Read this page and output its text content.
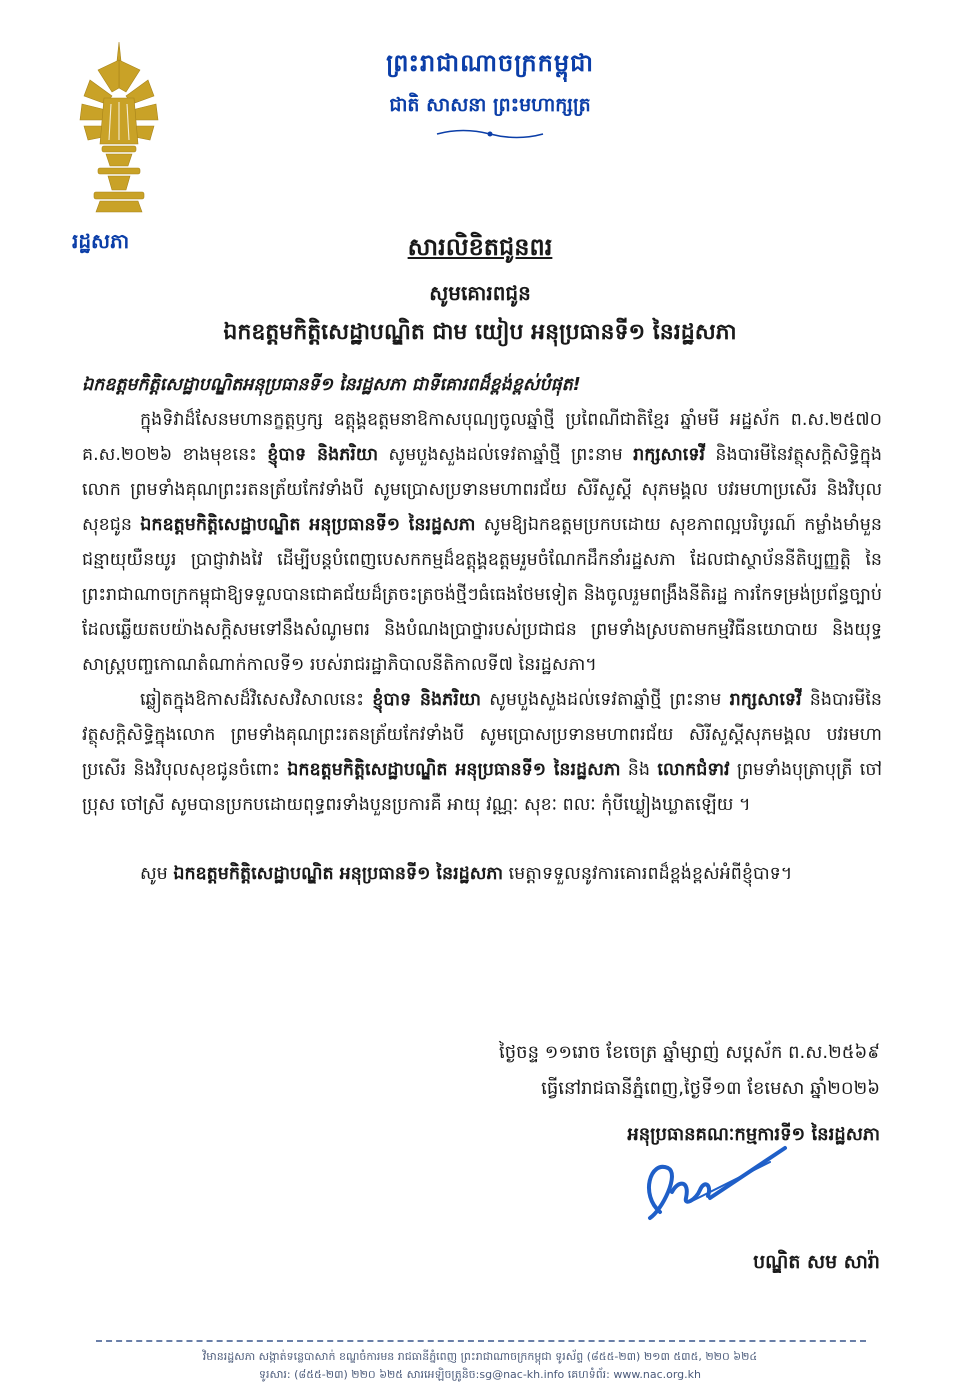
រដ្ឋសភា
ព្រះរាជាណាចក្រកម្ពុជា
ជាតិ សាសនា ព្រះមហាក្សត្រ
សារលិខិតជូនពរ
សូមគោរពជូន
ឯកឧត្តមកិត្តិសេដ្ឋាបណ្ឌិត ជាម យៀប អនុប្រធានទី១ នៃរដ្ឋសភា
ឯកឧត្តមកិត្តិសេដ្ឋាបណ្ឌិតអនុប្រធានទី១ នៃរដ្ឋសភា ជាទីគោរពដ៏ខ្ពង់ខ្ពស់បំផុត!

ក្នុងទិវាដ៏សែនមហានក្ខត្តឫក្ស ឧត្តុង្គឧត្តមនាឱកាសបុណ្យចូលឆ្នាំថ្មី ប្រពៃណីជាតិខ្មែរ ឆ្នាំមមី អដ្ឋស័ក ព.ស.២៥៧០ គ.ស.២០២៦ ខាងមុខនេះ ខ្ញុំបាទ និងភរិយា សូមបួងសួងដល់ទេវតាឆ្នាំថ្មី ព្រះនាម រាក្សសាទេវី និងបារមីនៃវត្ថុសក្តិសិទ្ធិក្នុងលោក ព្រមទាំងគុណព្រះរតនត្រ័យកែវទាំងបី សូមប្រោសប្រទានមហាពរជ័យ សិរីសួស្តី សុភមង្គល បវរមហាប្រសើរ និងវិបុលសុខជូន ឯកឧត្តមកិត្តិសេដ្ឋាបណ្ឌិត អនុប្រធានទី១ នៃរដ្ឋសភា សូមឱ្យឯកឧត្តមប្រកបដោយ សុខភាពល្អបរិបូរណ៍ កម្លាំងមាំមួន ជន្មាយុយឺនយូរ ប្រាជ្ញាវាងវៃ ដើម្បីបន្តបំពេញបេសកកម្មដ៏ឧត្តុង្គឧត្តមរួមចំណែកដឹកនាំរដ្ឋសភា ដែលជាស្ថាប័ននីតិប្បញ្ញត្តិ នៃព្រះរាជាណាចក្រកម្ពុជាឱ្យទទួលបានជោគជ័យដ៏ត្រចះត្រចង់ថ្មីៗធំធេងថែមទៀត និងចូលរួមពង្រឹងនីតិរដ្ឋ ការកែទម្រង់ប្រព័ន្ធច្បាប់ ដែលឆ្លើយតបយ៉ាងសក្តិសមទៅនឹងសំណូមពរ និងបំណងប្រាថ្នារបស់ប្រជាជន ព្រមទាំងស្របតាមកម្មវិធីនយោបាយ និងយុទ្ធសាស្ត្របញ្ចកោណតំណាក់កាលទី១ របស់រាជរដ្ឋាភិបាលនីតិកាលទី៧ នៃរដ្ឋសភា។

ឆ្លៀតក្នុងឱកាសដ៏វិសេសវិសាលនេះ ខ្ញុំបាទ និងភរិយា សូមបួងសួងដល់ទេវតាឆ្នាំថ្មី ព្រះនាម រាក្សសាទេវី និងបារមីនៃវត្ថុសក្តិសិទ្ធិក្នុងលោក ព្រមទាំងគុណព្រះរតនត្រ័យកែវទាំងបី សូមប្រោសប្រទានមហាពរជ័យ សិរីសួស្តីសុភមង្គល បវរមហាប្រសើរ និងវិបុលសុខជូនចំពោះ ឯកឧត្តមកិត្តិសេដ្ឋាបណ្ឌិត អនុប្រធានទី១ នៃរដ្ឋសភា និង លោកជំទាវ ព្រមទាំងបុត្រាបុត្រី ចៅប្រុស ចៅស្រី សូមបានប្រកបដោយពុទ្ធពរទាំងបួនប្រការគឺ អាយុ វណ្ណៈ សុខៈ ពលៈ កុំបីឃ្លៀងឃ្លាតឡើយ ។

សូម ឯកឧត្តមកិត្តិសេដ្ឋាបណ្ឌិត អនុប្រធានទី១ នៃរដ្ឋសភា មេត្តាទទួលនូវការគោរពដ៏ខ្ពង់ខ្ពស់អំពីខ្ញុំបាទ។

ថ្ងៃចន្ទ ១១រោច ខែចេត្រ ឆ្នាំម្សាញ់ សប្តស័ក ព.ស.២៥៦៩
ធ្វើនៅរាជធានីភ្នំពេញ,ថ្ងៃទី១៣ ខែមេសា ឆ្នាំ២០២៦
អនុប្រធានគណៈកម្មការទី១ នៃរដ្ឋសភា
បណ្ឌិត សម សារ៉ា
វិមានរដ្ឋសភា សង្កាត់ទន្លេបាសាក់ ខណ្ឌចំការមន រាជធានីភ្នំពេញ ព្រះរាជាណាចក្រកម្ពុជា ទូរស័ព្ទ (៨៥៥-២៣) ២១៣ ៥៣៥, ២២០ ៦២៤
ទូរសារ: (៨៥៥-២៣) ២២០ ៦២៥ សារអេឡិចត្រូនិច:sg@nac-kh.info គេហទំព័រ: www.nac.org.kh
